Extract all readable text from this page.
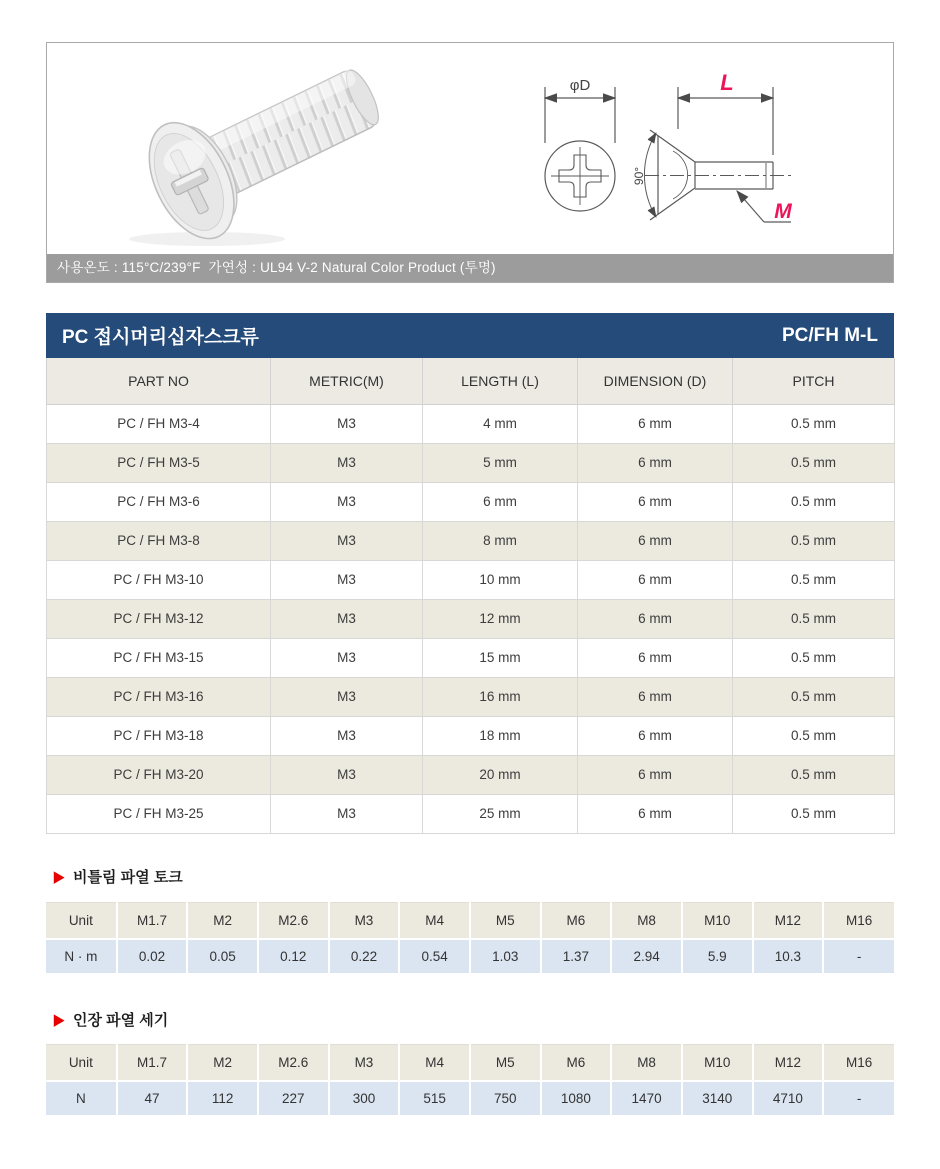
φD
90°
L
M
사용온도 : 115°C/239°F  가연성 : UL94 V-2 Natural Color Product (투명)
PC 접시머리십자스크류	PC/FH M-L
PART NO	METRIC(M)	LENGTH (L)	DIMENSION (D)	PITCH
PC / FH M3-4	M3	4 mm	6 mm	0.5 mm
PC / FH M3-5	M3	5 mm	6 mm	0.5 mm
PC / FH M3-6	M3	6 mm	6 mm	0.5 mm
PC / FH M3-8	M3	8 mm	6 mm	0.5 mm
PC / FH M3-10	M3	10 mm	6 mm	0.5 mm
PC / FH M3-12	M3	12 mm	6 mm	0.5 mm
PC / FH M3-15	M3	15 mm	6 mm	0.5 mm
PC / FH M3-16	M3	16 mm	6 mm	0.5 mm
PC / FH M3-18	M3	18 mm	6 mm	0.5 mm
PC / FH M3-20	M3	20 mm	6 mm	0.5 mm
PC / FH M3-25	M3	25 mm	6 mm	0.5 mm
▶ 비틀림 파열 토크
Unit	M1.7	M2	M2.6	M3	M4	M5	M6	M8	M10	M12	M16
N · m	0.02	0.05	0.12	0.22	0.54	1.03	1.37	2.94	5.9	10.3	-
▶ 인장 파열 세기
Unit	M1.7	M2	M2.6	M3	M4	M5	M6	M8	M10	M12	M16
N	47	112	227	300	515	750	1080	1470	3140	4710	-
